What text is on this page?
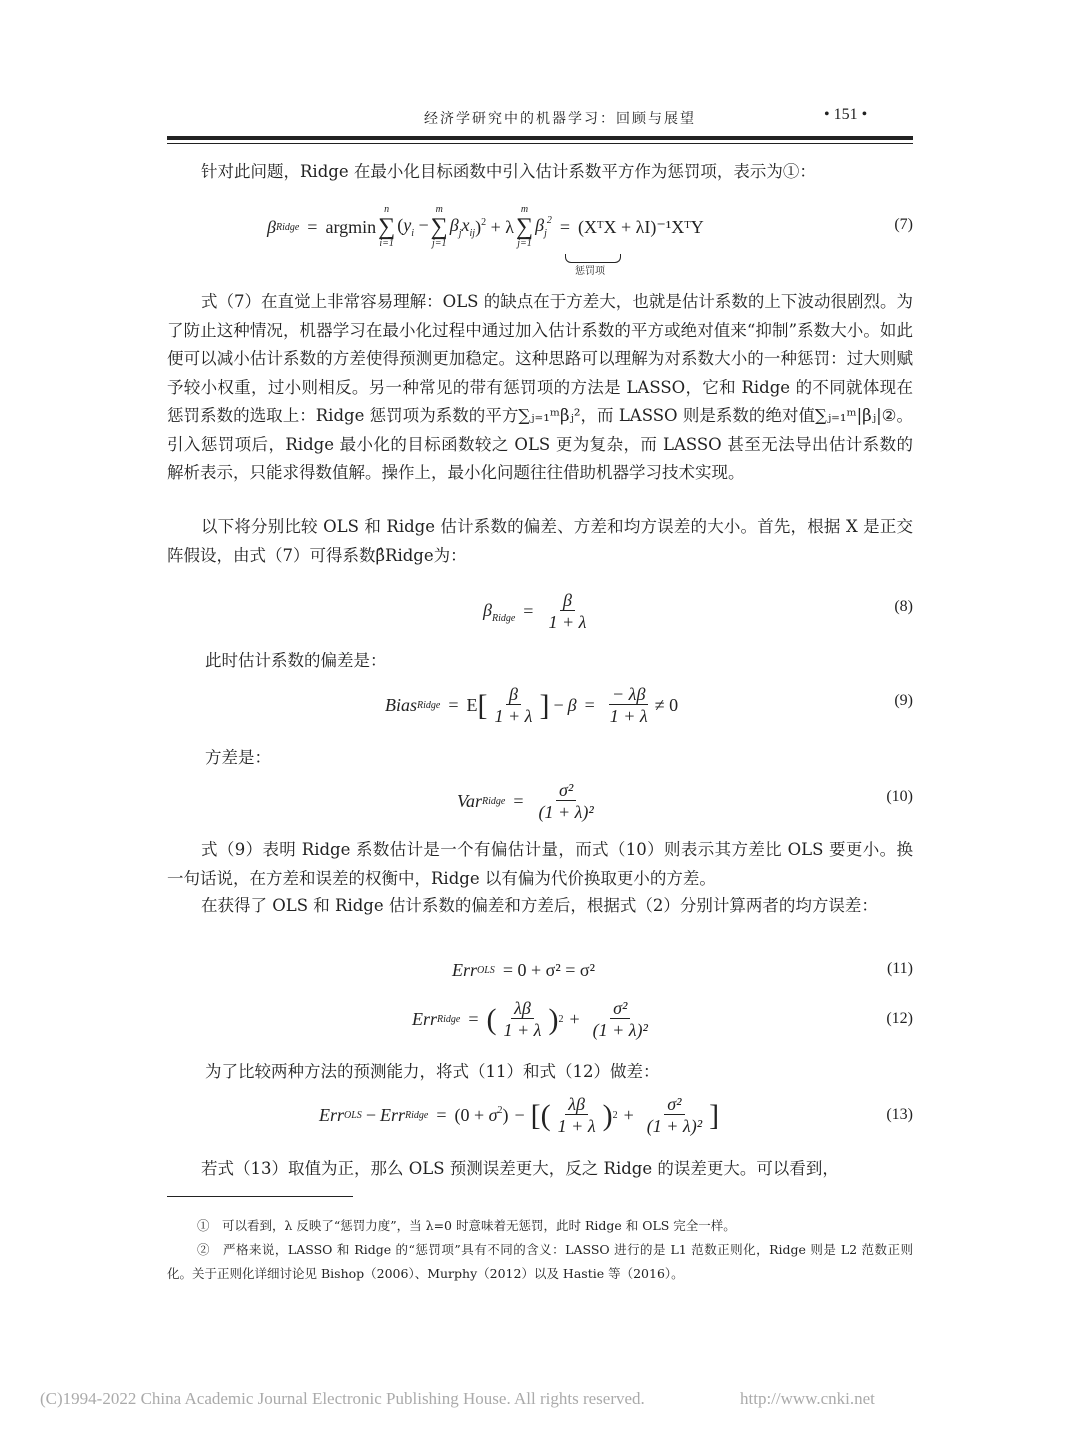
经济学研究中的机器学习：回顾与展望	• 151 •
针对此问题，Ridge 在最小化目标函数中引入估计系数平方作为惩罚项，表示为①：
β Ridge = argmin
n
∑
i=1
($y_i$ −
m
∑
j=1
$\beta_jx_{ij}$ )$^2$ + λ
m
∑
j=1
$\beta_j^2$ = (XᵀX + λI)⁻¹XᵀY
惩罚项
(7)
式（7）在直觉上非常容易理解：OLS 的缺点在于方差大，也就是估计系数的上下波动很剧烈。为了防止这种情况，机器学习在最小化过程中通过加入估计系数的平方或绝对值来“抑制”系数大小。如此便可以减小估计系数的方差使得预测更加稳定。这种思路可以理解为对系数大小的一种惩罚：过大则赋予较小权重，过小则相反。另一种常见的带有惩罚项的方法是 LASSO，它和 Ridge 的不同就体现在惩罚系数的选取上：Ridge 惩罚项为系数的平方∑ⱼ₌₁ᵐβⱼ²，而 LASSO 则是系数的绝对值∑ⱼ₌₁ᵐ|βⱼ|②。引入惩罚项后，Ridge 最小化的目标函数较之 OLS 更为复杂，而 LASSO 甚至无法导出估计系数的解析表示，只能求得数值解。操作上，最小化问题往往借助机器学习技术实现。
以下将分别比较 OLS 和 Ridge 估计系数的偏差、方差和均方误差的大小。首先，根据 X 是正交阵假设，由式（7）可得系数β̂Ridge为：
$\beta_{Ridge} = \frac{\beta}{1 + \lambda}$	(8)
此时估计系数的偏差是：
Bias Ridge = E [ $\frac{\beta}{1 + \lambda}$ ] − $\beta = \frac{- \lambda\beta}{1 + \lambda} \ne 0$	(9)
方差是：
Var Ridge = $\frac{\text{σ²}}{\text{(1 + λ)²}}$	(10)
式（9）表明 Ridge 系数估计是一个有偏估计量，而式（10）则表示其方差比 OLS 要更小。换一句话说，在方差和误差的权衡中，Ridge 以有偏为代价换取更小的方差。
在获得了 OLS 和 Ridge 估计系数的偏差和方差后，根据式（2）分别计算两者的均方误差：
Err OLS = 0 + σ² = σ²	(11)
Err Ridge = ( $\frac{\lambda\beta}{1 + \lambda}$ ) $2 + \frac{\text{σ²}}{\text{(1 + λ)²}}$	(12)
为了比较两种方法的预测能力，将式（11）和式（12）做差：
Err OLS − Err Ridge = $(0 + \sigma^2)$ − [ ( $\frac{\lambda\beta}{1 + \lambda}$ ) $2 + \frac{\text{σ²}}{\text{(1 + λ)²}}$ ]	(13)
若式（13）取值为正，那么 OLS 预测误差更大，反之 Ridge 的误差更大。可以看到，
①　可以看到，λ 反映了“惩罚力度”，当 λ=0 时意味着无惩罚，此时 Ridge 和 OLS 完全一样。
②　严格来说，LASSO 和 Ridge 的“惩罚项”具有不同的含义：LASSO 进行的是 L1 范数正则化，Ridge 则是 L2 范数正则化。关于正则化详细讨论见 Bishop（2006）、Murphy（2012）以及 Hastie 等（2016）。
(C)1994-2022 China Academic Journal Electronic Publishing House. All rights reserved.	http://www.cnki.net
